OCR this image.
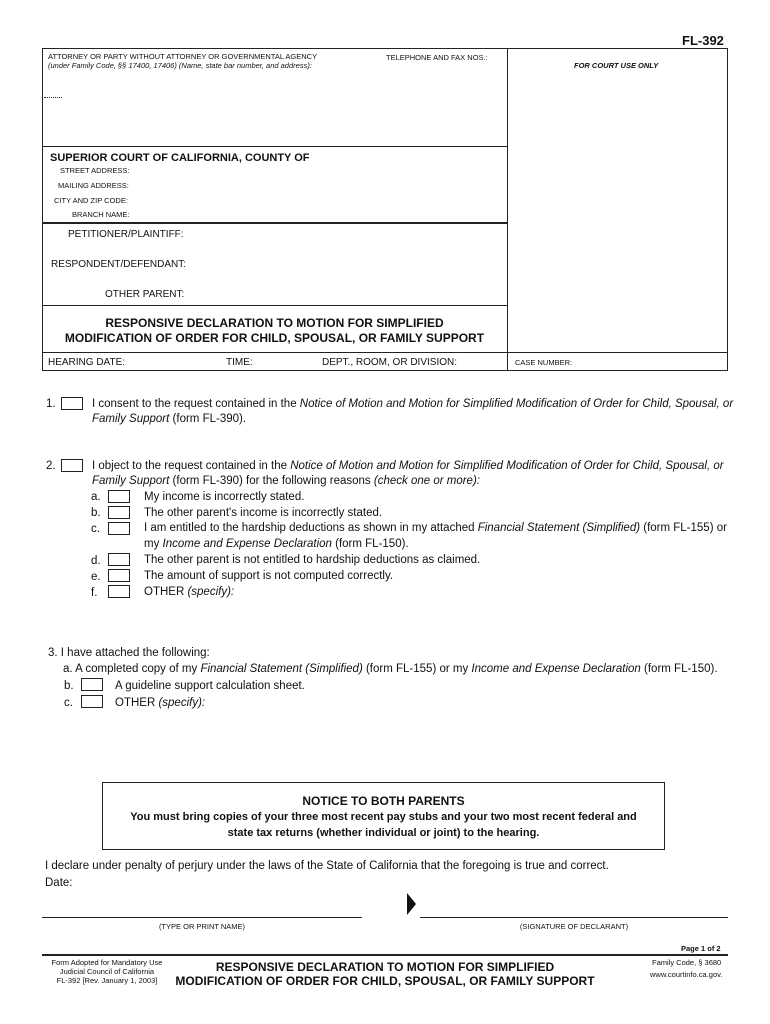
FL-392
ATTORNEY OR PARTY WITHOUT ATTORNEY OR GOVERNMENTAL AGENCY
(under Family Code, §§ 17400, 17406) (Name, state bar number, and address):
TELEPHONE AND FAX NOS.:
FOR COURT USE ONLY
SUPERIOR COURT OF CALIFORNIA, COUNTY OF
STREET ADDRESS:
MAILING ADDRESS:
CITY AND ZIP CODE:
BRANCH NAME:
PETITIONER/PLAINTIFF:
RESPONDENT/DEFENDANT:
OTHER PARENT:
RESPONSIVE DECLARATION TO MOTION FOR SIMPLIFIED
MODIFICATION OF ORDER FOR CHILD, SPOUSAL, OR FAMILY SUPPORT
HEARING DATE:	TIME:	DEPT., ROOM, OR DIVISION:	CASE NUMBER:
1.	I consent to the request contained in the Notice of Motion and Motion for Simplified Modification of Order for Child, Spousal, or
Family Support (form FL-390).
2.	I object to the request contained in the Notice of Motion and Motion for Simplified Modification of Order for Child, Spousal, or
Family Support (form FL-390) for the following reasons (check one or more):
a.	My income is incorrectly stated.
b.	The other parent's income is incorrectly stated.
c.	I am entitled to the hardship deductions as shown in my attached Financial Statement (Simplified) (form FL-155) or
my Income and Expense Declaration (form FL-150).
d.	The other parent is not entitled to hardship deductions as claimed.
e.	The amount of support is not computed correctly.
f.	OTHER (specify):
3. I have attached the following:
a. A completed copy of my Financial Statement (Simplified) (form FL-155) or my Income and Expense Declaration (form FL-150).
b.	A guideline support calculation sheet.
c.	OTHER (specify):
NOTICE TO BOTH PARENTS
You must bring copies of your three most recent pay stubs and your two most recent federal and
state tax returns (whether individual or joint) to the hearing.
I declare under penalty of perjury under the laws of the State of California that the foregoing is true and correct.
Date:
(TYPE OR PRINT NAME)	(SIGNATURE OF DECLARANT)
Page 1 of 2
Form Adopted for Mandatory Use
Judicial Council of California
FL-392 [Rev. January 1, 2003]
RESPONSIVE DECLARATION TO MOTION FOR SIMPLIFIED
MODIFICATION OF ORDER FOR CHILD, SPOUSAL, OR FAMILY SUPPORT
Family Code, § 3680
www.courtinfo.ca.gov.
